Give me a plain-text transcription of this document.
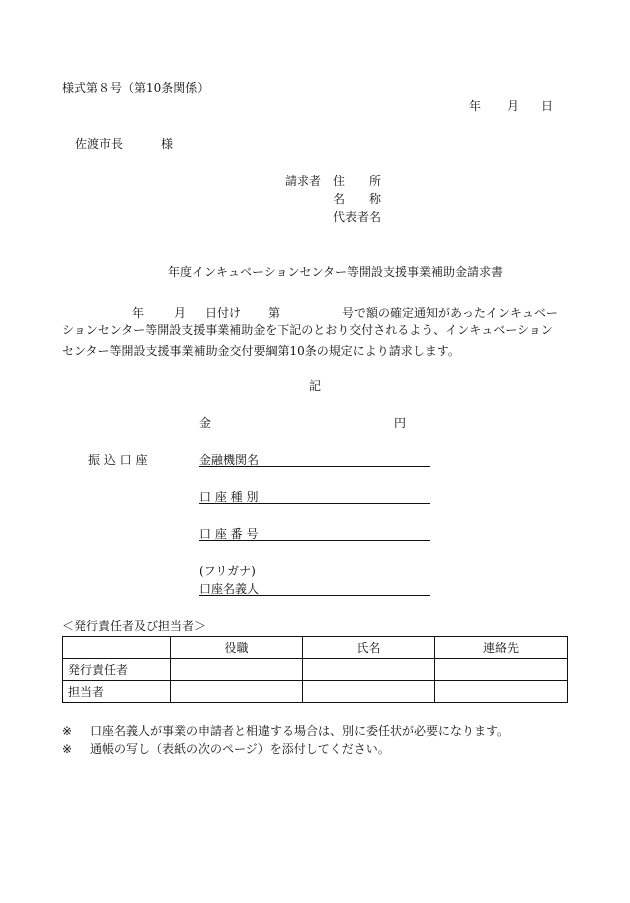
様式第８号（第10条関係）
年 月 日
佐渡市長	様
請求者 住　　所
名　　称
代表者名
年度インキュベーションセンター等開設支援事業補助金請求書
年 月 日付け 第	号で額の確定通知があったインキュベー
ションセンター等開設支援事業補助金を下記のとおり交付されるよう、インキュベーション
センター等開設支援事業補助金交付要綱第10条の規定により請求します。
記
金	円
振 込 口 座	金融機関名
口 座 種 別
口 座 番 号
(フリガナ)
口座名義人
＜発行責任者及び担当者＞
	役職	氏名	連絡先
発行責任者			
担当者			
※ 口座名義人が事業の申請者と相違する場合は、別に委任状が必要になります。
※ 通帳の写し（表紙の次のページ）を添付してください。
